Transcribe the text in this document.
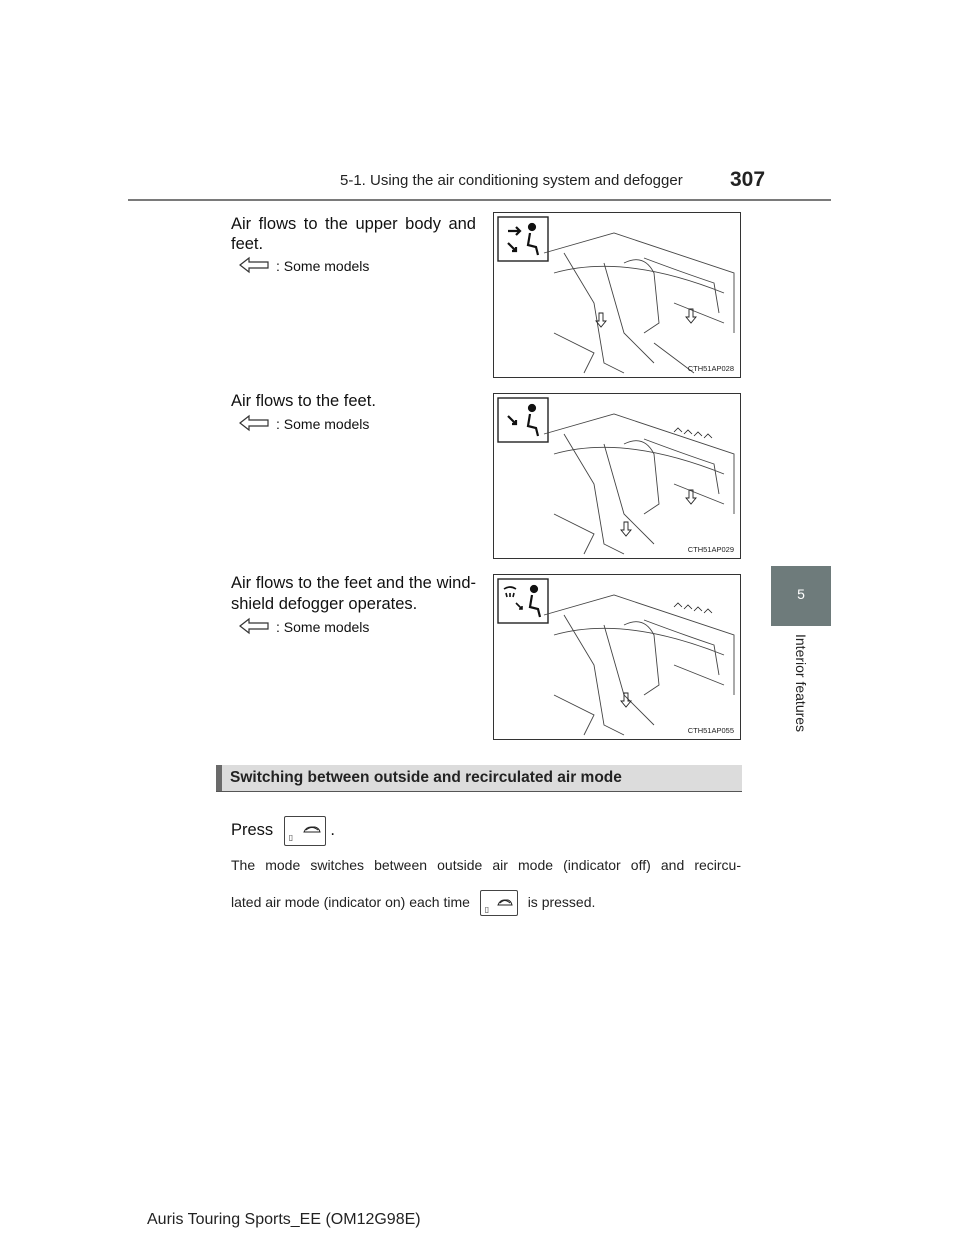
5-1. Using the air conditioning system and defogger 307
5
Interior features
Air flows to the upper body and
feet.
: Some models
CTH51AP028
Air flows to the feet.
: Some models
CTH51AP029
Air flows to the feet and the wind-
shield defogger operates.
: Some models
CTH51AP055
Switching between outside and recirculated air mode
Press ▯ .
The mode switches between outside air mode (indicator off) and recircu-
lated air mode (indicator on) each time ▯	is pressed.
Auris Touring Sports_EE (OM12G98E)
